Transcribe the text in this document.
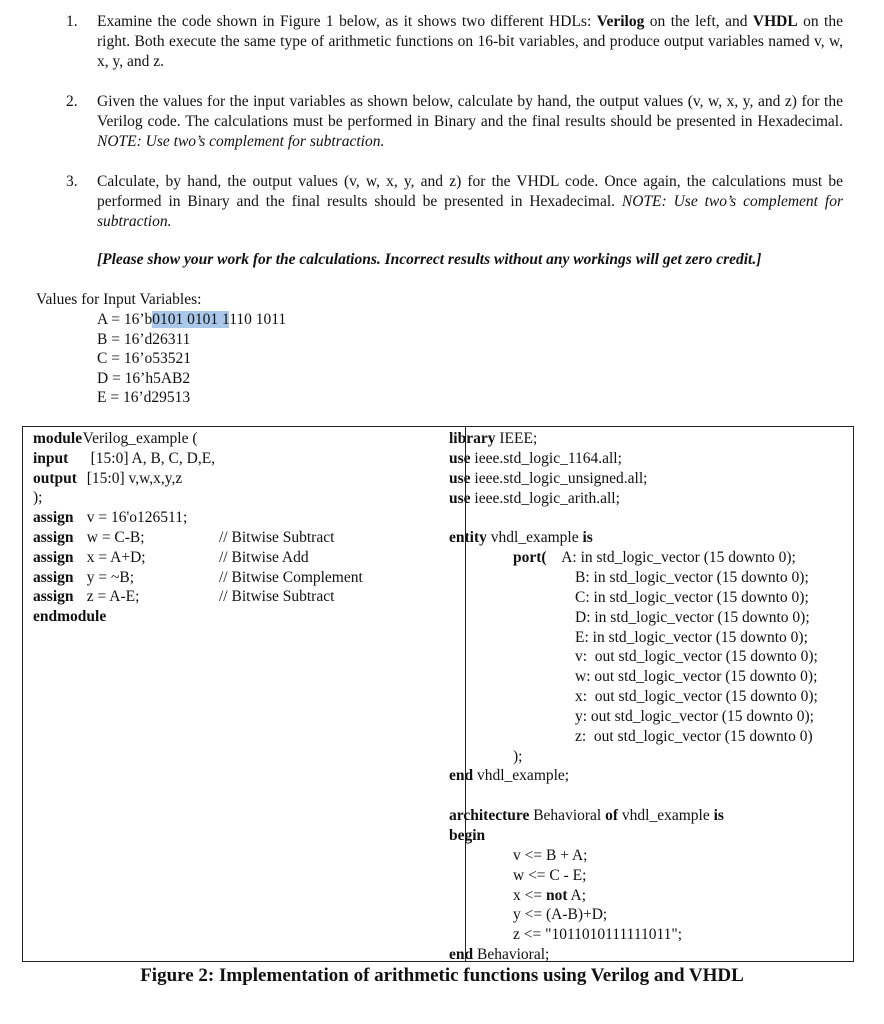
1. Examine the code shown in Figure 1 below, as it shows two different HDLs: Verilog on the left, and VHDL on the right. Both execute the same type of arithmetic functions on 16-bit variables, and produce output variables named v, w, x, y, and z.
2. Given the values for the input variables as shown below, calculate by hand, the output values (v, w, x, y, and z) for the Verilog code. The calculations must be performed in Binary and the final results should be presented in Hexadecimal. NOTE: Use two’s complement for subtraction.
3. Calculate, by hand, the output values (v, w, x, y, and z) for the VHDL code. Once again, the calculations must be performed in Binary and the final results should be presented in Hexadecimal. NOTE: Use two’s complement for subtraction.
[Please show your work for the calculations. Incorrect results without any workings will get zero credit.]
Values for Input Variables:
A = 16’b0101 0101 1110 1011
B = 16’d26311
C = 16’o53521
D = 16’h5AB2
E = 16’d29513
module
Verilog_example (
input [15:0] A, B, C, D,E,
output [15:0] v,w,x,y,z
);
assign v = 16'o126511;
assign w = C-B;	// Bitwise Subtract
assign x = A+D;	// Bitwise Add
assign y = ~B;	// Bitwise Complement
assign z = A-E;	// Bitwise Subtract
endmodule
library IEEE;
use ieee.std_logic_1164.all;
use ieee.std_logic_unsigned.all;
use ieee.std_logic_arith.all;
entity vhdl_example is
port(    A: in std_logic_vector (15 downto 0);
B: in std_logic_vector (15 downto 0);
C: in std_logic_vector (15 downto 0);
D: in std_logic_vector (15 downto 0);
E: in std_logic_vector (15 downto 0);
v:  out std_logic_vector (15 downto 0);
w: out std_logic_vector (15 downto 0);
x:  out std_logic_vector (15 downto 0);
y: out std_logic_vector (15 downto 0);
z:  out std_logic_vector (15 downto 0)
);
end vhdl_example;
architecture Behavioral of vhdl_example is
begin
v <= B + A;
w <= C - E;
x <= not A;
y <= (A-B)+D;
z <= "1011010111111011";
end Behavioral;
Figure 2: Implementation of arithmetic functions using Verilog and VHDL
